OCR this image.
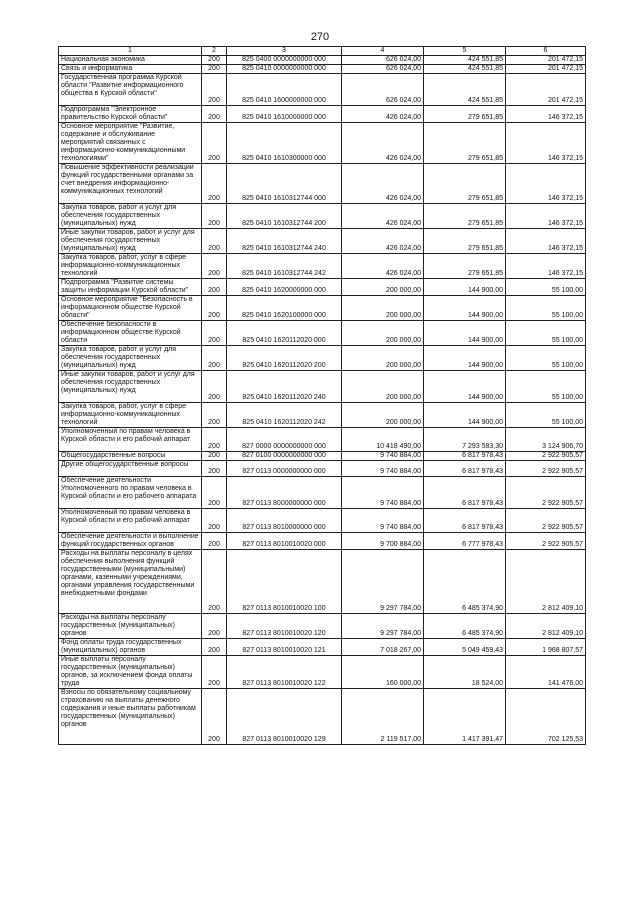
270
1	2	3	4	5	6
Национальная экономика	200	825 0400 0000000000 000	626 024,00	424 551,85	201 472,15
Связь и информатика	200	825 0410 0000000000 000	626 024,00	424 551,85	201 472,15
Государственная программа Курской области "Развитие информационного общества в Курской области"	200	825 0410 1600000000 000	626 024,00	424 551,85	201 472,15
Подпрограмма "Электронное правительство Курской области"	200	825 0410 1610000000 000	426 024,00	279 651,85	146 372,15
Основное мероприятие "Развитие, содержание и обслуживание мероприятий связанных с информационно-коммуникационными технологиями"	200	825 0410 1610300000 000	426 024,00	279 651,85	146 372,15
Повышение эффективности реализации функций государственными органами за счет внедрения информационно-коммуникационных технологий	200	825 0410 1610312744 000	426 024,00	279 651,85	146 372,15
Закупка товаров, работ и услуг для обеспечения государственных (муниципальных) нужд	200	825 0410 1610312744 200	426 024,00	279 651,85	146 372,15
Иные закупки товаров, работ и услуг для обеспечения государственных (муниципальных) нужд	200	825 0410 1610312744 240	426 024,00	279 651,85	146 372,15
Закупка товаров, работ, услуг в сфере информационно-коммуникационных технологий	200	825 0410 1610312744 242	426 024,00	279 651,85	146 372,15
Подпрограмма "Развитие системы защиты информации Курской области"	200	825 0410 1620000000 000	200 000,00	144 900,00	55 100,00
Основное мероприятие "Безопасность в информационном обществе Курской области"	200	825 0410 1620100000 000	200 000,00	144 900,00	55 100,00
Обеспечение безопасности в информационном обществе Курской области	200	825 0410 1620112020 000	200 000,00	144 900,00	55 100,00
Закупка товаров, работ и услуг для обеспечения государственных (муниципальных) нужд	200	825 0410 1620112020 200	200 000,00	144 900,00	55 100,00
Иные закупки товаров, работ и услуг для обеспечения государственных (муниципальных) нужд	200	825 0410 1620112020 240	200 000,00	144 900,00	55 100,00
Закупка товаров, работ, услуг в сфере информационно-коммуникационных технологий	200	825 0410 1620112020 242	200 000,00	144 900,00	55 100,00
Уполномоченный по правам человека в Курской области и его рабочий аппарат	200	827 0000 0000000000 000	10 418 490,00	7 293 583,30	3 124 906,70
Общегосударственные вопросы	200	827 0100 0000000000 000	9 740 884,00	6 817 978,43	2 922 905,57
Другие общегосударственные вопросы	200	827 0113 0000000000 000	9 740 884,00	6 817 978,43	2 922 905,57
Обеспечение деятельности Уполномоченного по правам человека в Курской области и его рабочего аппарата	200	827 0113 8000000000 000	9 740 884,00	6 817 978,43	2 922 905,57
Уполномоченный по правам человека в Курской области и его рабочий аппарат	200	827 0113 8010000000 000	9 740 884,00	6 817 978,43	2 922 905,57
Обеспечение деятельности и выполнение функций государственных органов	200	827 0113 8010010020 000	9 700 884,00	6 777 978,43	2 922 905,57
Расходы на выплаты персоналу в целях обеспечения выполнения функций государственными (муниципальными) органами, казенными учреждениями, органами управления государственными внебюджетными фондами	200	827 0113 8010010020 100	9 297 784,00	6 485 374,90	2 812 409,10
Расходы на выплаты персоналу государственных (муниципальных) органов	200	827 0113 8010010020 120	9 297 784,00	6 485 374,90	2 812 409,10
Фонд оплаты труда государственных (муниципальных) органов	200	827 0113 8010010020 121	7 018 267,00	5 049 459,43	1 968 807,57
Иные выплаты персоналу государственных (муниципальных) органов, за исключением фонда оплаты труда	200	827 0113 8010010020 122	160 000,00	18 524,00	141 476,00
Взносы по обязательному социальному страхованию на выплаты денежного содержания и иные выплаты работникам государственных (муниципальных) органов	200	827 0113 8010010020 129	2 119 517,00	1 417 391,47	702 125,53
